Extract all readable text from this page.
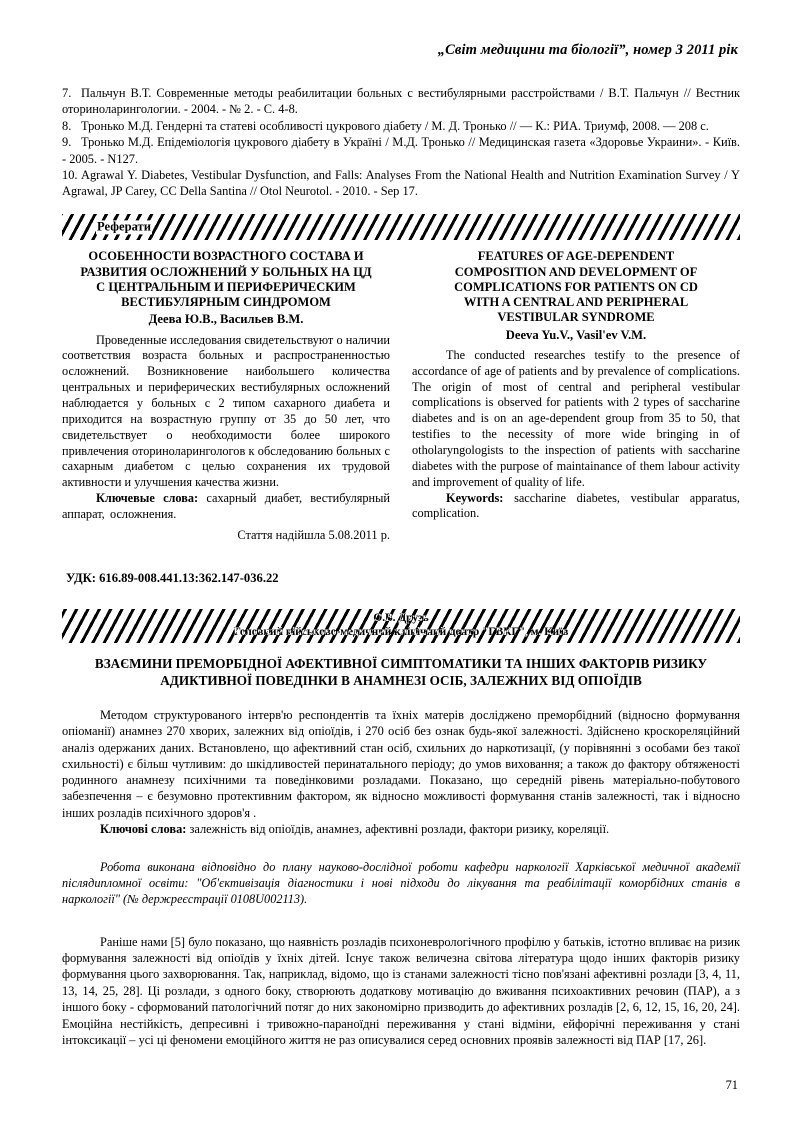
„Світ медицини та біології”, номер 3 2011 рік

7. Пальчун В.Т. Современные методы реабилитации больных с вестибулярными расстройствами / В.Т. Пальчун // Вестник оториноларингологии. - 2004. - № 2. - С. 4-8.

8. Тронько М.Д. Гендерні та статеві особливості цукрового діабету / М. Д. Тронько // — К.: РИА. Триумф, 2008. — 208 с.

9. Тронько М.Д. Епідеміологія цукрового діабету в Україні / М.Д. Тронько // Медицинская газета «Здоровье Украини». - Київ. - 2005. - N127.

10. Agrawal Y. Diabetes, Vestibular Dysfunction, and Falls: Analyses From the National Health and Nutrition Examination Survey / Y Agrawal, JP Carey, CC Della Santina // Otol Neurotol. - 2010. - Sep 17.

Реферати
ОСОБЕННОСТИ ВОЗРАСТНОГО СОСТАВА И
РАЗВИТИЯ ОСЛОЖНЕНИЙ У БОЛЬНЫХ НА ЦД
С ЦЕНТРАЛЬНЫМ И ПЕРИФЕРИЧЕСКИМ
ВЕСТИБУЛЯРНЫМ СИНДРОМОМ
Деева Ю.В., Васильев В.М.

Проведенные исследования свидетельствуют о наличии соответствия возраста больных и распространенностью осложнений. Возникновение наибольшего количества центральных и периферических вестибулярных осложнений наблюдается у больных с 2 типом сахарного диабета и приходится на возрастную группу от 35 до 50 лет, что свидетельствует о необходимости более широкого привлечения оториноларингологов к обследованию больных с сахарным диабетом с целью сохранения их трудовой активности и улучшения качества жизни.

Ключевые слова: сахарный диабет, вестибулярный аппарат, осложнения.

Стаття надійшла 5.08.2011 р.

FEATURES OF AGE-DEPENDENT
COMPOSITION AND DEVELOPMENT OF
COMPLICATIONS FOR PATIENTS ON CD
WITH A CENTRAL AND PERIPHERAL
VESTIBULAR SYNDROME
Deeva Yu.V., Vasil'ev V.M.

The conducted researches testify to the presence of accordance of age of patients and by prevalence of complications. The origin of most of central and peripheral vestibular complications is observed for patients with 2 types of saccharine diabetes and is on an age-dependent group from 35 to 50, that testifies to the necessity of more wide bringing in of otholaryngologists to the inspection of patients with saccharine diabetes with the purpose of maintainance of them labour activity and improvement of quality of life.

Keywords: saccharine diabetes, vestibular apparatus, complication.

УДК: 616.89-008.441.13:362.147-036.22
О.В. Друзь
Головний військово-медичний клінічний центр "ГВКГ", м. Київ
ВЗАЄМИНИ ПРЕМОРБІДНОЇ АФЕКТИВНОЇ СИМПТОМАТИКИ ТА ІНШИХ ФАКТОРІВ РИЗИКУ
АДИКТИВНОЇ ПОВЕДІНКИ В АНАМНЕЗІ ОСІБ, ЗАЛЕЖНИХ ВІД ОПІОЇДІВ

Методом структурованого інтерв'ю респондентів та їхніх матерів досліджено преморбідний (відносно формування опіоманії) анамнез 270 хворих, залежних від опіоїдів, і 270 осіб без ознак будь-якої залежності. Здійснено кроскореляційний аналіз одержаних даних. Встановлено, що афективний стан осіб, схильних до наркотизації, (у порівнянні з особами без такої схильності) є більш чутливим: до шкідливостей перинатального періоду; до умов виховання; а також до фактору обтяженості родинного анамнезу психічними та поведінковими розладами. Показано, що середній рівень матеріально-побутового забезпечення – є безумовно протективним фактором, як відносно можливості формування станів залежності, так і відносно інших розладів психічного здоров'я .

Ключові слова: залежність від опіоїдів, анамнез, афективні розлади, фактори ризику, кореляції.

Робота виконана відповідно до плану науково-дослідної роботи кафедри наркології Харківської медичної академії післядипломної освіти: "Об'єктивізація діагностики і нові підходи до лікування та реабілітації коморбідних станів в наркології" (№ держреєстрації 0108U002113).

Раніше нами [5] було показано, що наявність розладів психоневрологічного профілю у батьків, істотно впливає на ризик формування залежності від опіоїдів у їхніх дітей. Існує також величезна світова література щодо інших факторів ризику формування цього захворювання. Так, наприклад, відомо, що із станами залежності тісно пов'язані афективні розлади [3, 4, 11, 13, 14, 25, 28]. Ці розлади, з одного боку, створюють додаткову мотивацію до вживання психоактивних речовин (ПАР), а з іншого боку - сформований патологічний потяг до них закономірно призводить до афективних розладів [2, 6, 12, 15, 16, 20, 24]. Емоційна нестійкість, депресивні і тривожно-параноїдні переживання у стані відміни, ейфорічні переживання у стані інтоксикації – усі ці феномени емоційного життя не раз описувалися серед основних проявів залежності від ПАР [17, 26].

71
